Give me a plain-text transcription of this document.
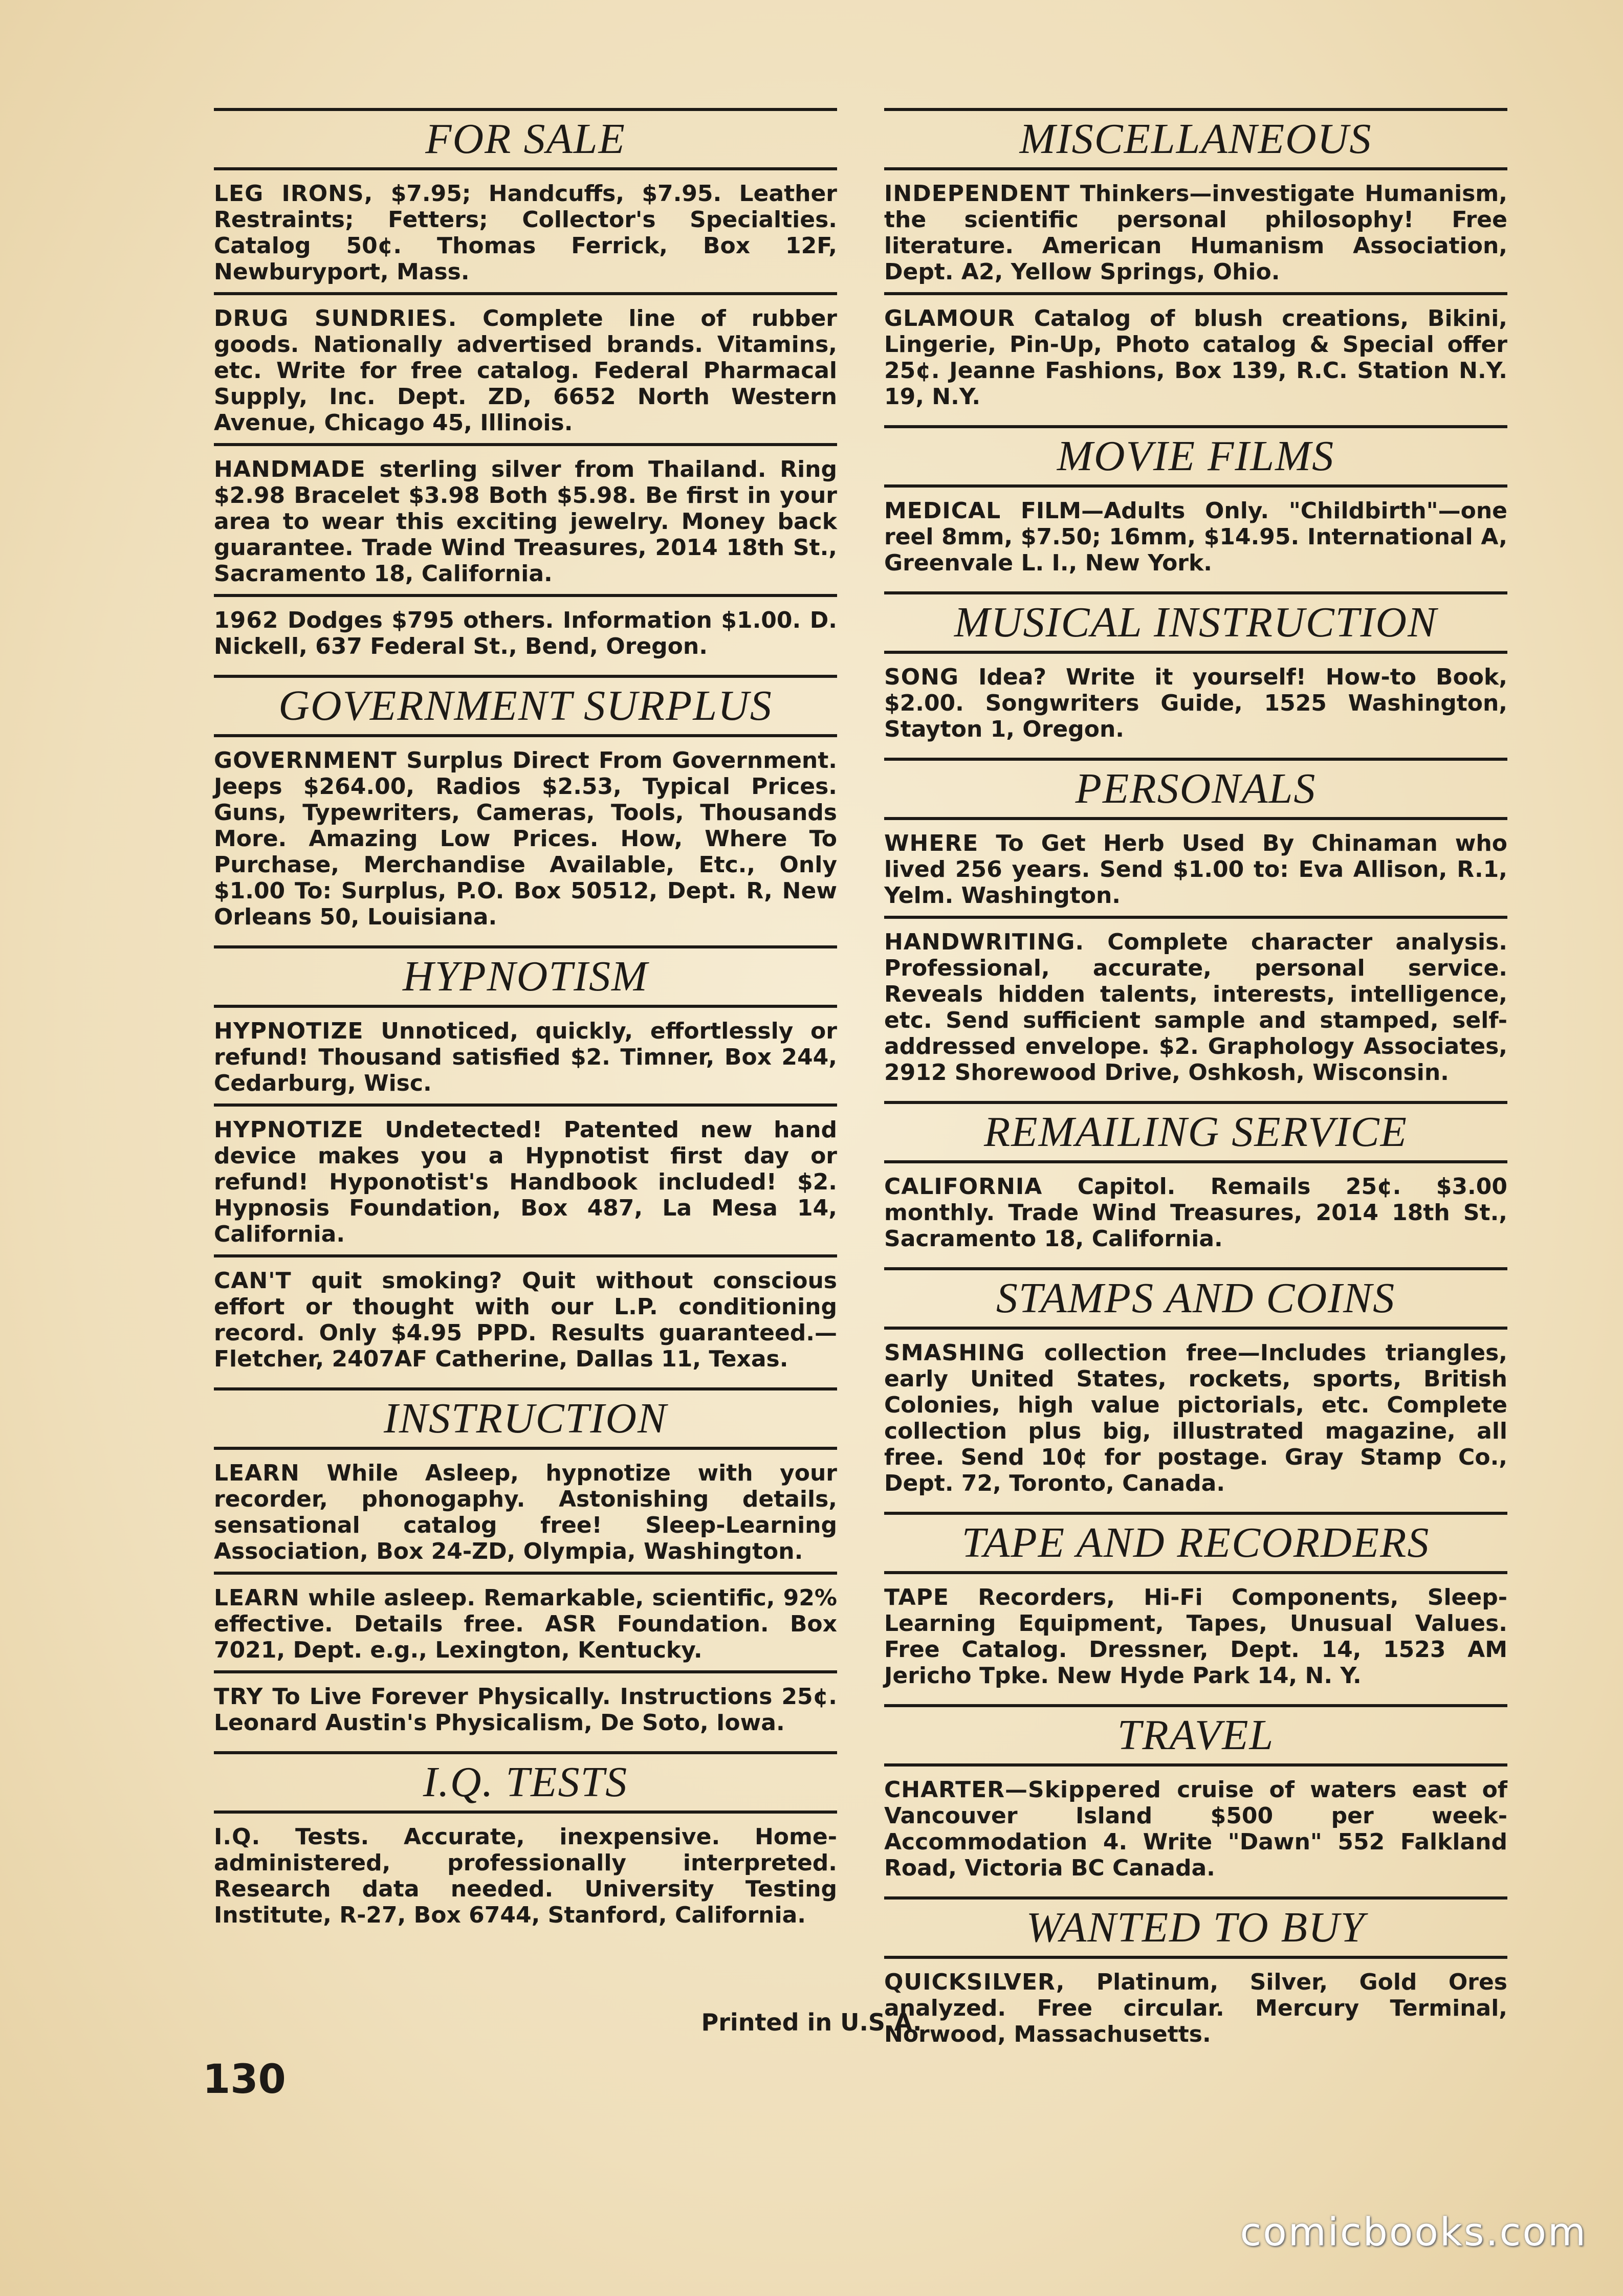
FOR SALE
LEG IRONS, $7.95; Handcuffs, $7.95. Leather Restraints; Fetters; Collector's Specialties. Catalog 50¢. Thomas Ferrick, Box 12F, Newburyport, Mass.
DRUG SUNDRIES. Complete line of rubber goods. Nationally advertised brands. Vitamins, etc. Write for free catalog. Federal Pharmacal Supply, Inc. Dept. ZD, 6652 North Western Avenue, Chicago 45, Illinois.
HANDMADE sterling silver from Thailand. Ring $2.98 Bracelet $3.98 Both $5.98. Be first in your area to wear this exciting jewelry. Money back guarantee. Trade Wind Treasures, 2014 18th St., Sacramento 18, California.
1962 Dodges $795 others. Information $1.00. D. Nickell, 637 Federal St., Bend, Oregon.
GOVERNMENT SURPLUS
GOVERNMENT Surplus Direct From Government. Jeeps $264.00, Radios $2.53, Typical Prices. Guns, Typewriters, Cameras, Tools, Thousands More. Amazing Low Prices. How, Where To Purchase, Merchandise Available, Etc., Only $1.00 To: Surplus, P.O. Box 50512, Dept. R, New Orleans 50, Louisiana.
HYPNOTISM
HYPNOTIZE Unnoticed, quickly, effortlessly or refund! Thousand satisfied $2. Timner, Box 244, Cedarburg, Wisc.
HYPNOTIZE Undetected! Patented new hand device makes you a Hypnotist first day or refund! Hyponotist's Handbook included! $2. Hypnosis Foundation, Box 487, La Mesa 14, California.
CAN'T quit smoking? Quit without conscious effort or thought with our L.P. conditioning record. Only $4.95 PPD. Results guaranteed.—Fletcher, 2407AF Catherine, Dallas 11, Texas.
INSTRUCTION
LEARN While Asleep, hypnotize with your recorder, phonogaphy. Astonishing details, sensational catalog free! Sleep-Learning Association, Box 24-ZD, Olympia, Washington.
LEARN while asleep. Remarkable, scientific, 92% effective. Details free. ASR Foundation. Box 7021, Dept. e.g., Lexington, Kentucky.
TRY To Live Forever Physically. Instructions 25¢. Leonard Austin's Physicalism, De Soto, Iowa.
I.Q. TESTS
I.Q. Tests. Accurate, inexpensive. Home-administered, professionally interpreted. Research data needed. University Testing Institute, R-27, Box 6744, Stanford, California.
MISCELLANEOUS
INDEPENDENT Thinkers—investigate Humanism, the scientific personal philosophy! Free literature. American Humanism Association, Dept. A2, Yellow Springs, Ohio.
GLAMOUR Catalog of blush creations, Bikini, Lingerie, Pin-Up, Photo catalog & Special offer 25¢. Jeanne Fashions, Box 139, R.C. Station N.Y. 19, N.Y.
MOVIE FILMS
MEDICAL FILM—Adults Only. "Childbirth"—one reel 8mm, $7.50; 16mm, $14.95. International A, Greenvale L. I., New York.
MUSICAL INSTRUCTION
SONG Idea? Write it yourself! How-to Book, $2.00. Songwriters Guide, 1525 Washington, Stayton 1, Oregon.
PERSONALS
WHERE To Get Herb Used By Chinaman who lived 256 years. Send $1.00 to: Eva Allison, R.1, Yelm. Washington.
HANDWRITING. Complete character analysis. Professional, accurate, personal service. Reveals hidden talents, interests, intelligence, etc. Send sufficient sample and stamped, self-addressed envelope. $2. Graphology Associates, 2912 Shorewood Drive, Oshkosh, Wisconsin.
REMAILING SERVICE
CALIFORNIA Capitol. Remails 25¢. $3.00 monthly. Trade Wind Treasures, 2014 18th St., Sacramento 18, California.
STAMPS AND COINS
SMASHING collection free—Includes triangles, early United States, rockets, sports, British Colonies, high value pictorials, etc. Complete collection plus big, illustrated magazine, all free. Send 10¢ for postage. Gray Stamp Co., Dept. 72, Toronto, Canada.
TAPE AND RECORDERS
TAPE Recorders, Hi-Fi Components, Sleep-Learning Equipment, Tapes, Unusual Values. Free Catalog. Dressner, Dept. 14, 1523 AM Jericho Tpke. New Hyde Park 14, N. Y.
TRAVEL
CHARTER—Skippered cruise of waters east of Vancouver Island $500 per week-Accommodation 4. Write "Dawn" 552 Falkland Road, Victoria BC Canada.
WANTED TO BUY
QUICKSILVER, Platinum, Silver, Gold Ores analyzed. Free circular. Mercury Terminal, Norwood, Massachusetts.
Printed in U.S.A.
130
comicbooks.com
